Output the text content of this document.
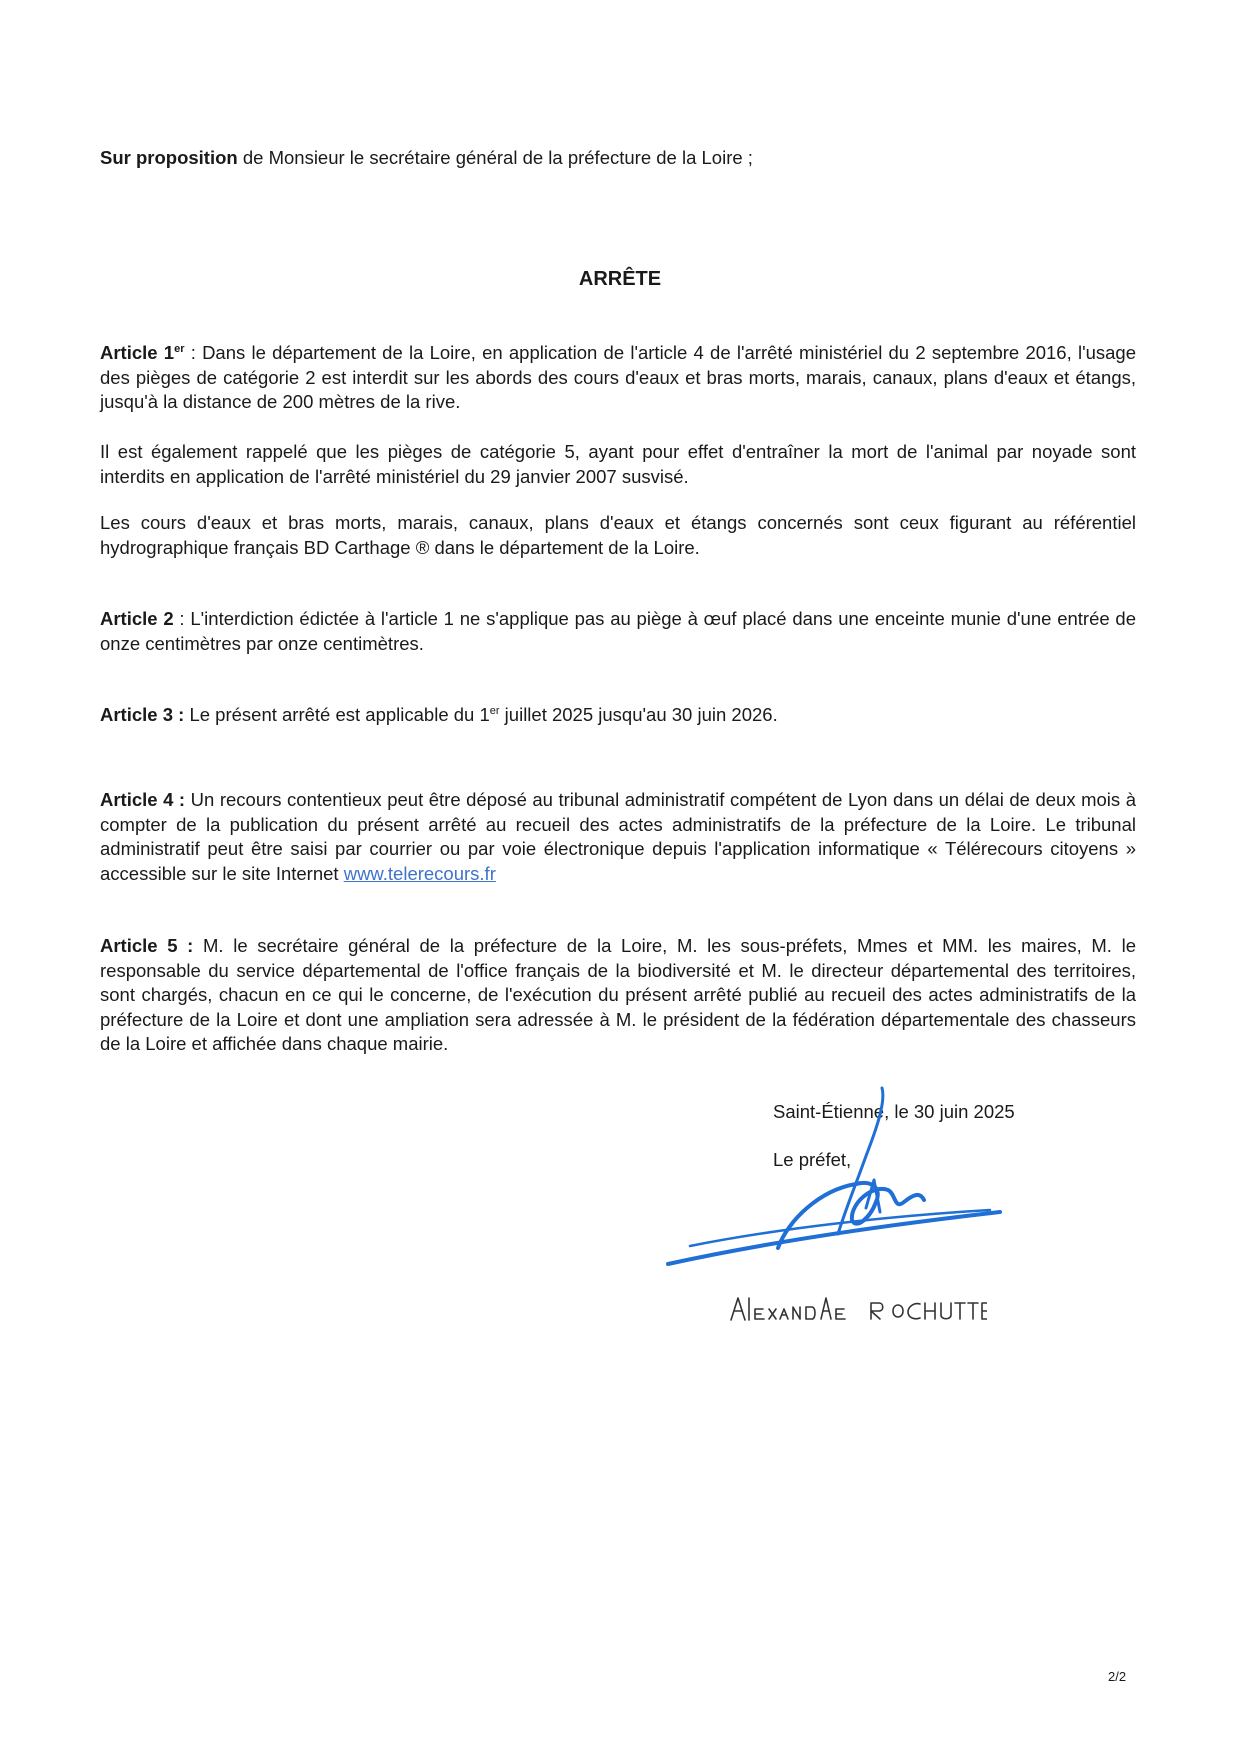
Sur proposition de Monsieur le secrétaire général de la préfecture de la Loire ;

ARRÊTE

Article 1er : Dans le département de la Loire, en application de l'article 4 de l'arrêté ministériel du 2 septembre 2016, l'usage des pièges de catégorie 2 est interdit sur les abords des cours d'eaux et bras morts, marais, canaux, plans d'eaux et étangs, jusqu'à la distance de 200 mètres de la rive.

Il est également rappelé que les pièges de catégorie 5, ayant pour effet d'entraîner la mort de l'animal par noyade sont interdits en application de l'arrêté ministériel du 29 janvier 2007 susvisé.

Les cours d'eaux et bras morts, marais, canaux, plans d'eaux et étangs concernés sont ceux figurant au référentiel hydrographique français BD Carthage ® dans le département de la Loire.

Article 2 : L'interdiction édictée à l'article 1 ne s'applique pas au piège à œuf placé dans une enceinte munie d'une entrée de onze centimètres par onze centimètres.

Article 3 : Le présent arrêté est applicable du 1er juillet 2025 jusqu'au 30 juin 2026.

Article 4 : Un recours contentieux peut être déposé au tribunal administratif compétent de Lyon dans un délai de deux mois à compter de la publication du présent arrêté au recueil des actes administratifs de la préfecture de la Loire. Le tribunal administratif peut être saisi par courrier ou par voie électronique depuis l'application informatique « Télérecours citoyens » accessible sur le site Internet www.telerecours.fr

Article 5 : M. le secrétaire général de la préfecture de la Loire, M. les sous-préfets, Mmes et MM. les maires, M. le responsable du service départemental de l'office français de la biodiversité et M. le directeur départemental des territoires, sont chargés, chacun en ce qui le concerne, de l'exécution du présent arrêté publié au recueil des actes administratifs de la préfecture de la Loire et dont une ampliation sera adressée à M. le président de la fédération départementale des chasseurs de la Loire et affichée dans chaque mairie.

Saint-Étienne, le 30 juin 2025
Le préfet,
2/2
